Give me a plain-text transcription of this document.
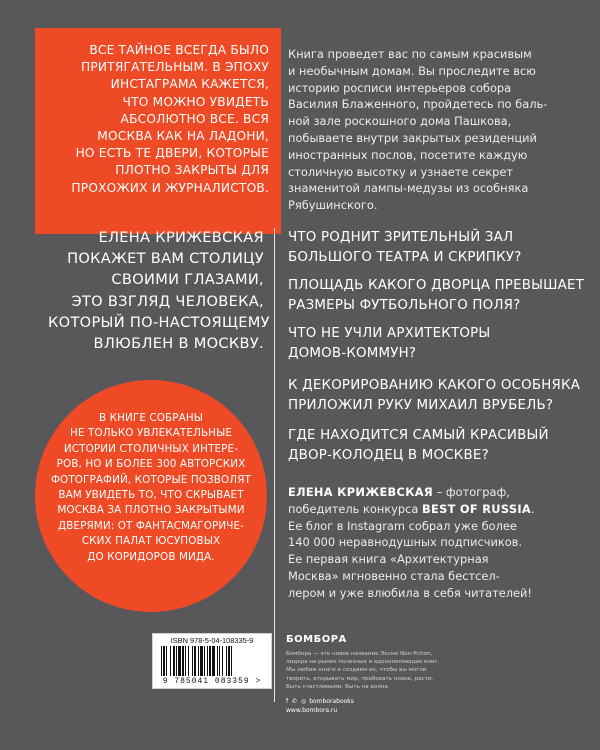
ВСЕ ТАЙНОЕ ВСЕГДА БЫЛО
ПРИТЯГАТЕЛЬНЫМ. В ЭПОХУ
ИНСТАГРАМА КАЖЕТСЯ,
ЧТО МОЖНО УВИДЕТЬ
АБСОЛЮТНО ВСЕ. ВСЯ
МОСКВА КАК НА ЛАДОНИ,
НО ЕСТЬ ТЕ ДВЕРИ, КОТОРЫЕ
ПЛОТНО ЗАКРЫТЫ ДЛЯ
ПРОХОЖИХ И ЖУРНАЛИСТОВ.

Книга проведет вас по самым красивым
и необычным домам. Вы проследите всю
историю росписи интерьеров собора
Василия Блаженного, пройдетесь по баль-
ной зале роскошного дома Пашкова,
побываете внутри закрытых резиденций
иностранных послов, посетите каждую
столичную высотку и узнаете секрет
знаменитой лампы-медузы из особняка
Рябушинского.
ЕЛЕНА КРИЖЕВСКАЯ
ПОКАЖЕТ ВАМ СТОЛИЦУ
СВОИМИ ГЛАЗАМИ,
ЭТО ВЗГЛЯД ЧЕЛОВЕКА,
КОТОРЫЙ ПО-НАСТОЯЩЕМУ
ВЛЮБЛЕН В МОСКВУ.
ЧТО РОДНИТ ЗРИТЕЛЬНЫЙ ЗАЛ
БОЛЬШОГО ТЕАТРА И СКРИПКУ?
ПЛОЩАДЬ КАКОГО ДВОРЦА ПРЕВЫШАЕТ
РАЗМЕРЫ ФУТБОЛЬНОГО ПОЛЯ?
ЧТО НЕ УЧЛИ АРХИТЕКТОРЫ
ДОМОВ-КОММУН?
К ДЕКОРИРОВАНИЮ КАКОГО ОСОБНЯКА
ПРИЛОЖИЛ РУКУ МИХАИЛ ВРУБЕЛЬ?
ГДЕ НАХОДИТСЯ САМЫЙ КРАСИВЫЙ
ДВОР-КОЛОДЕЦ В МОСКВЕ?
В КНИГЕ СОБРАНЫ
НЕ ТОЛЬКО УВЛЕКАТЕЛЬНЫЕ
ИСТОРИИ СТОЛИЧНЫХ ИНТЕРЕ-
РОВ, НО И БОЛЕЕ 300 АВТОРСКИХ
ФОТОГРАФИЙ, КОТОРЫЕ ПОЗВОЛЯТ
ВАМ УВИДЕТЬ ТО, ЧТО СКРЫВАЕТ
МОСКВА ЗА ПЛОТНО ЗАКРЫТЫМИ
ДВЕРЯМИ: ОТ ФАНТАСМАГОРИЧЕ-
СКИХ ПАЛАТ ЮСУПОВЫХ
ДО КОРИДОРОВ МИДА.
ЕЛЕНА КРИЖЕВСКАЯ – фотограф,
победитель конкурса BEST OF RUSSIA.
Ее блог в Instagram собрал уже более
140 000 неравнодушных подписчиков.
Ее первая книга «Архитектурная
Москва» мгновенно стала бестсел-
лером и уже влюбила в себя читателей!
ISBN 978-5-04-108335-9
9 785041 083359 >
БОМБОРА
Бомбора — это новое название Эксмо Non-fiction,
лидера на рынке полезных и вдохновляющих книг.
Мы любим книги и создаем их, чтобы вы могли
творить, открывать мир, пробовать новое, расти.
Быть счастливыми. Быть на волне.
f ✆ ◎ bomborabooks
www.bombora.ru
